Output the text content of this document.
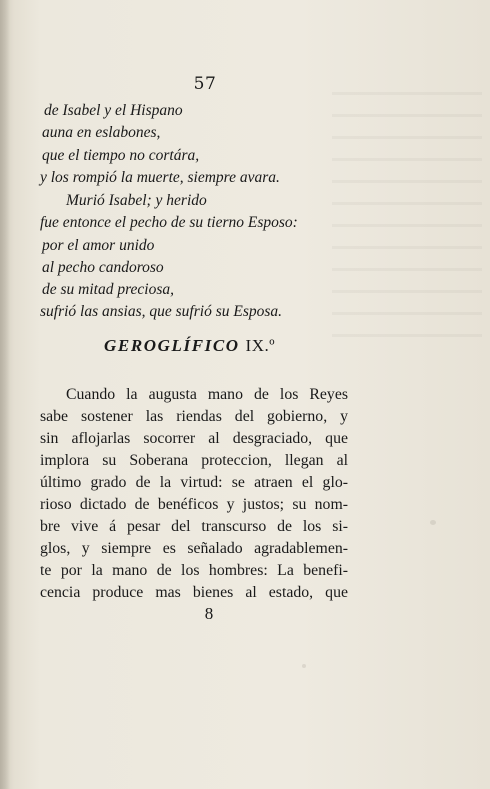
57
de Isabel y el Hispano
auna en eslabones,
que el tiempo no cortára,
y los rompió la muerte, siempre avara.
Murió Isabel; y herido
fue entonce el pecho de su tierno Esposo:
por el amor unido
al pecho candoroso
de su mitad preciosa,
sufrió las ansias, que sufrió su Esposa.
GEROGLÍFICO IX.º
Cuando la augusta mano de los Reyes
sabe sostener las riendas del gobierno, y
sin aflojarlas socorrer al desgraciado, que
implora su Soberana proteccion, llegan al
último grado de la virtud: se atraen el glo-
rioso dictado de benéficos y justos; su nom-
bre vive á pesar del transcurso de los si-
glos, y siempre es señalado agradablemen-
te por la mano de los hombres: La benefi-
cencia produce mas bienes al estado, que
8
